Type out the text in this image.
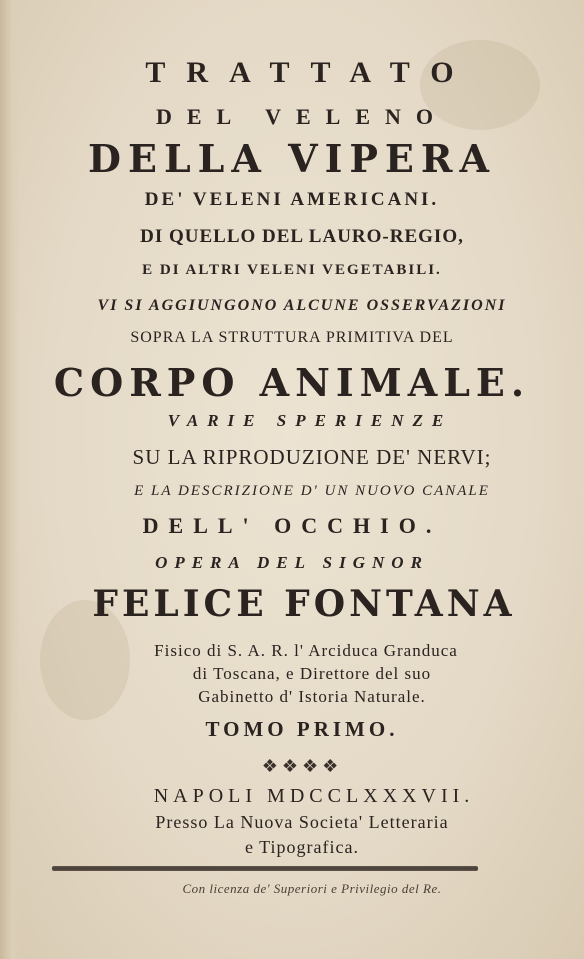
TRATTATO
DEL VELENO
DELLA VIPERA
DE' VELENI AMERICANI.
DI QUELLO DEL LAURO-REGIO,
E DI ALTRI VELENI VEGETABILI.
VI SI AGGIUNGONO ALCUNE OSSERVAZIONI
SOPRA LA STRUTTURA PRIMITIVA DEL
CORPO ANIMALE.
VARIE SPERIENZE
SU LA RIPRODUZIONE DE' NERVI;
E LA DESCRIZIONE D' UN NUOVO CANALE
DELL' OCCHIO.
OPERA DEL SIGNOR
FELICE FONTANA
Fisico di S. A. R. l' Arciduca Granduca
di Toscana, e Direttore del suo
Gabinetto d' Istoria Naturale.
TOMO PRIMO.
❖❖❖❖
NAPOLI MDCCLXXXVII.
Presso La Nuova Societa' Letteraria
e Tipografica.
Con licenza de' Superiori e Privilegio del Re.
